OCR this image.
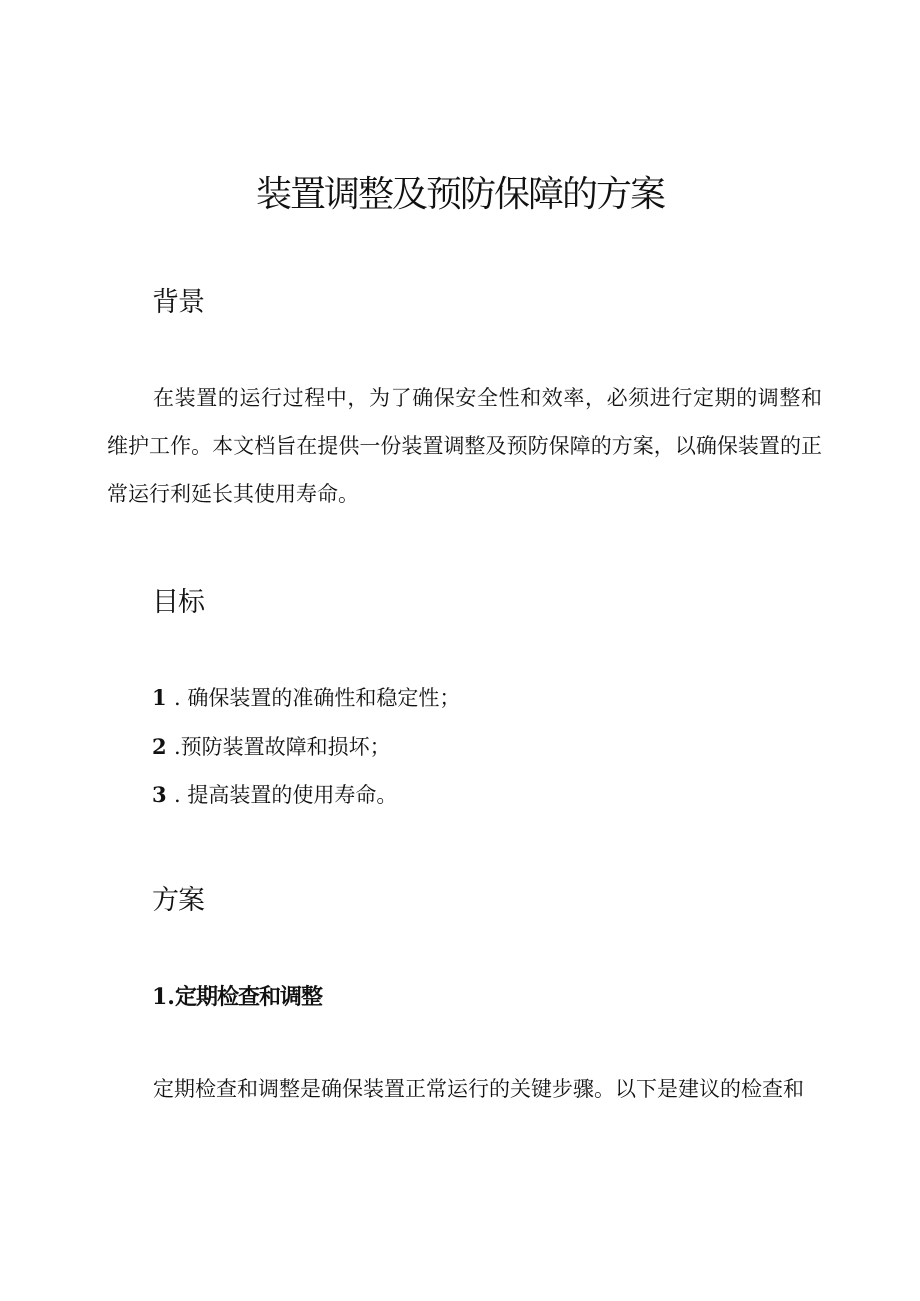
装置调整及预防保障的方案
背景

在装置的运行过程中，为了确保安全性和效率，必须进行定期的调整和维护工作。本文档旨在提供一份装置调整及预防保障的方案，以确保装置的正常运行利延长其使用寿命。

目标
1 . 确保装置的准确性和稳定性；
2 .预防装置故障和损坏；
3 . 提高装置的使用寿命。
方案
1.定期检查和调整

定期检查和调整是确保装置正常运行的关键步骤。以下是建议的检查和
